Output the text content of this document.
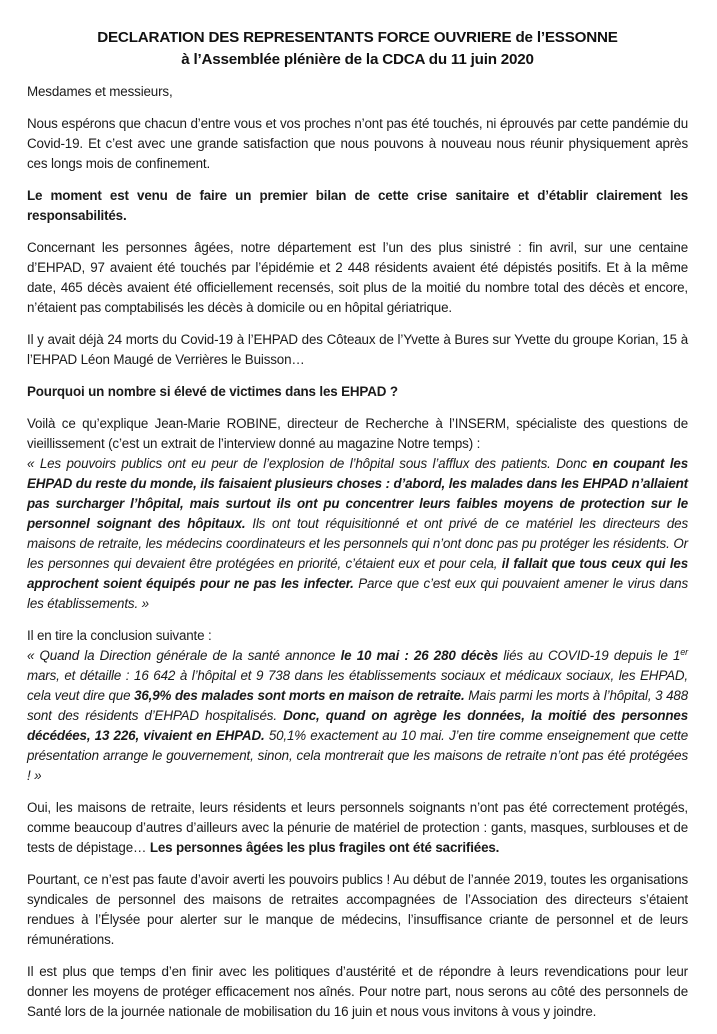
DECLARATION DES REPRESENTANTS FORCE OUVRIERE de l’ESSONNE
à l’Assemblée plénière de la CDCA du 11 juin 2020

Mesdames et messieurs,

Nous espérons que chacun d’entre vous et vos proches n’ont pas été touchés, ni éprouvés par cette pandémie du Covid-19. Et c’est avec une grande satisfaction que nous pouvons à nouveau nous réunir physiquement après ces longs mois de confinement.

Le moment est venu de faire un premier bilan de cette crise sanitaire et d’établir clairement les responsabilités.

Concernant les personnes âgées, notre département est l’un des plus sinistré : fin avril, sur une centaine d’EHPAD, 97 avaient été touchés par l’épidémie et 2 448 résidents avaient été dépistés positifs. Et à la même date, 465 décès avaient été officiellement recensés, soit plus de la moitié du nombre total des décès et encore, n’étaient pas comptabilisés les décès à domicile ou en hôpital gériatrique.

Il y avait déjà 24 morts du Covid-19 à l’EHPAD des Côteaux de l’Yvette à Bures sur Yvette du groupe Korian, 15 à l’EHPAD Léon Maugé de Verrières le Buisson…

Pourquoi un nombre si élevé de victimes dans les EHPAD ?

Voilà ce qu’explique Jean-Marie ROBINE, directeur de Recherche à l’INSERM, spécialiste des questions de vieillissement (c’est un extrait de l’interview donné au magazine Notre temps) :

« Les pouvoirs publics ont eu peur de l’explosion de l’hôpital sous l’afflux des patients. Donc en coupant les EHPAD du reste du monde, ils faisaient plusieurs choses : d’abord, les malades dans les EHPAD n’allaient pas surcharger l’hôpital, mais surtout ils ont pu concentrer leurs faibles moyens de protection sur le personnel soignant des hôpitaux. Ils ont tout réquisitionné et ont privé de ce matériel les directeurs des maisons de retraite, les médecins coordinateurs et les personnels qui n’ont donc pas pu protéger les résidents. Or les personnes qui devaient être protégées en priorité, c’étaient eux et pour cela, il fallait que tous ceux qui les approchent soient équipés pour ne pas les infecter. Parce que c’est eux qui pouvaient amener le virus dans les établissements. »

Il en tire la conclusion suivante :

« Quand la Direction générale de la santé annonce le 10 mai : 26 280 décès liés au COVID-19 depuis le 1er mars, et détaille : 16 642 à l’hôpital et 9 738 dans les établissements sociaux et médicaux sociaux, les EHPAD, cela veut dire que 36,9% des malades sont morts en maison de retraite. Mais parmi les morts à l’hôpital, 3 488 sont des résidents d’EHPAD hospitalisés. Donc, quand on agrège les données, la moitié des personnes décédées, 13 226, vivaient en EHPAD. 50,1% exactement au 10 mai. J’en tire comme enseignement que cette présentation arrange le gouvernement, sinon, cela montrerait que les maisons de retraite n’ont pas été protégées ! »

Oui, les maisons de retraite, leurs résidents et leurs personnels soignants n’ont pas été correctement protégés, comme beaucoup d’autres d’ailleurs avec la pénurie de matériel de protection : gants, masques, surblouses et de tests de dépistage… Les personnes âgées les plus fragiles ont été sacrifiées.

Pourtant, ce n’est pas faute d’avoir averti les pouvoirs publics ! Au début de l’année 2019, toutes les organisations syndicales de personnel des maisons de retraites accompagnées de l’Association des directeurs s’étaient rendues à l’Élysée pour alerter sur le manque de médecins, l’insuffisance criante de personnel et de leurs rémunérations.

Il est plus que temps d’en finir avec les politiques d’austérité et de répondre à leurs revendications pour leur donner les moyens de protéger efficacement nos aînés. Pour notre part, nous serons au côté des personnels de Santé lors de la journée nationale de mobilisation du 16 juin et nous vous invitons à vous y joindre.
